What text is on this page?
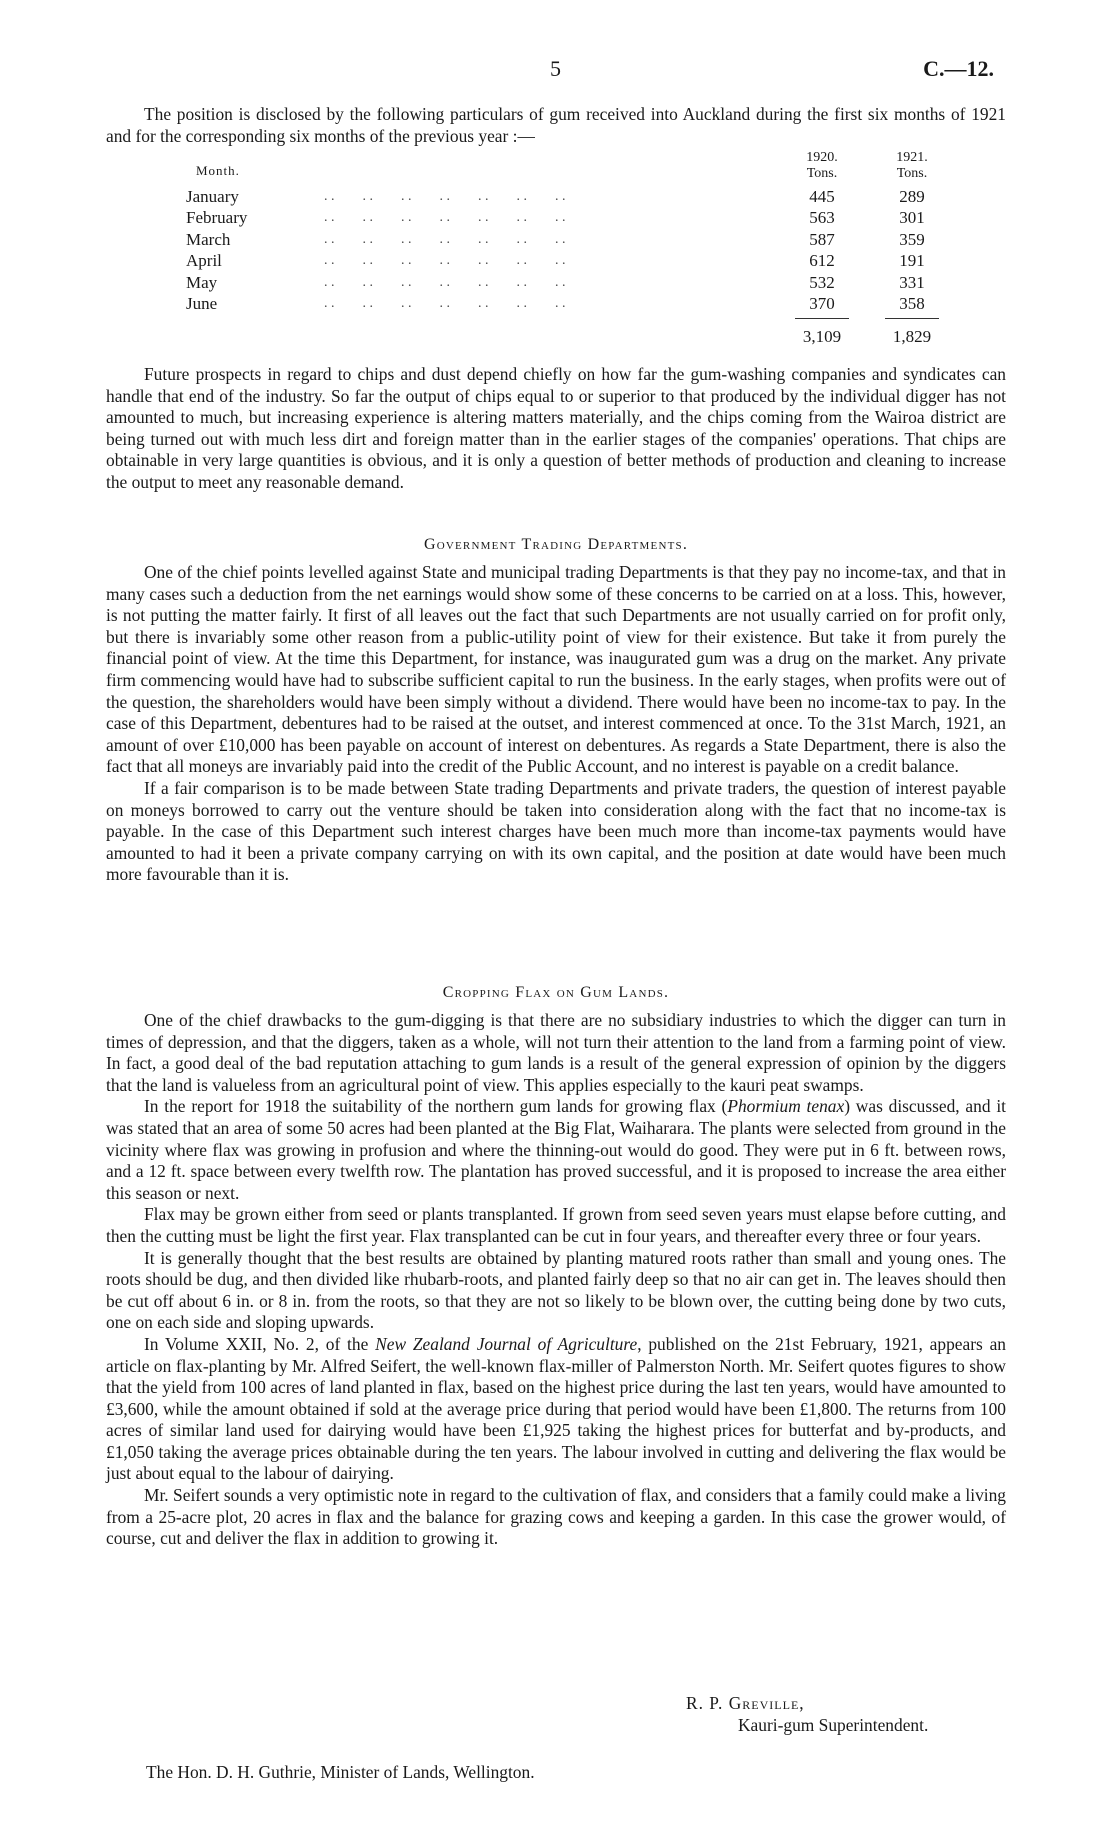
5	C.—12.

The position is disclosed by the following particulars of gum received into Auckland during the first six months of 1921 and for the corresponding six months of the previous year :—

Month.
1920.
Tons.
1921.
Tons.
January	. .        . .        . .        . .        . .        . .        . .	445	289
February	. .        . .        . .        . .        . .        . .        . .	563	301
March	. .        . .        . .        . .        . .        . .        . .	587	359
April	. .        . .        . .        . .        . .        . .        . .	612	191
May	. .        . .        . .        . .        . .        . .        . .	532	331
June	. .        . .        . .        . .        . .        . .        . .	370	358
3,109	1,829

Future prospects in regard to chips and dust depend chiefly on how far the gum-washing companies and syndicates can handle that end of the industry. So far the output of chips equal to or superior to that produced by the individual digger has not amounted to much, but increasing experience is altering matters materially, and the chips coming from the Wairoa district are being turned out with much less dirt and foreign matter than in the earlier stages of the companies' operations. That chips are obtainable in very large quantities is obvious, and it is only a question of better methods of production and cleaning to increase the output to meet any reasonable demand.

Government Trading Departments.

One of the chief points levelled against State and municipal trading Departments is that they pay no income-tax, and that in many cases such a deduction from the net earnings would show some of these concerns to be carried on at a loss. This, however, is not putting the matter fairly. It first of all leaves out the fact that such Departments are not usually carried on for profit only, but there is invariably some other reason from a public-utility point of view for their existence. But take it from purely the financial point of view. At the time this Department, for instance, was inaugurated gum was a drug on the market. Any private firm commencing would have had to subscribe sufficient capital to run the business. In the early stages, when profits were out of the question, the shareholders would have been simply without a dividend. There would have been no income-tax to pay. In the case of this Department, debentures had to be raised at the outset, and interest commenced at once. To the 31st March, 1921, an amount of over £10,000 has been payable on account of interest on debentures. As regards a State Department, there is also the fact that all moneys are invariably paid into the credit of the Public Account, and no interest is payable on a credit balance.

If a fair comparison is to be made between State trading Departments and private traders, the question of interest payable on moneys borrowed to carry out the venture should be taken into consideration along with the fact that no income-tax is payable. In the case of this Department such interest charges have been much more than income-tax payments would have amounted to had it been a private company carrying on with its own capital, and the position at date would have been much more favourable than it is.

Cropping Flax on Gum Lands.

One of the chief drawbacks to the gum-digging is that there are no subsidiary industries to which the digger can turn in times of depression, and that the diggers, taken as a whole, will not turn their attention to the land from a farming point of view. In fact, a good deal of the bad reputation attaching to gum lands is a result of the general expression of opinion by the diggers that the land is valueless from an agricultural point of view. This applies especially to the kauri peat swamps.

In the report for 1918 the suitability of the northern gum lands for growing flax (Phormium tenax) was discussed, and it was stated that an area of some 50 acres had been planted at the Big Flat, Waiharara. The plants were selected from ground in the vicinity where flax was growing in profusion and where the thinning-out would do good. They were put in 6 ft. between rows, and a 12 ft. space between every twelfth row. The plantation has proved successful, and it is proposed to increase the area either this season or next.

Flax may be grown either from seed or plants transplanted. If grown from seed seven years must elapse before cutting, and then the cutting must be light the first year. Flax transplanted can be cut in four years, and thereafter every three or four years.

It is generally thought that the best results are obtained by planting matured roots rather than small and young ones. The roots should be dug, and then divided like rhubarb-roots, and planted fairly deep so that no air can get in. The leaves should then be cut off about 6 in. or 8 in. from the roots, so that they are not so likely to be blown over, the cutting being done by two cuts, one on each side and sloping upwards.

In Volume XXII, No. 2, of the New Zealand Journal of Agriculture, published on the 21st February, 1921, appears an article on flax-planting by Mr. Alfred Seifert, the well-known flax-miller of Palmerston North. Mr. Seifert quotes figures to show that the yield from 100 acres of land planted in flax, based on the highest price during the last ten years, would have amounted to £3,600, while the amount obtained if sold at the average price during that period would have been £1,800. The returns from 100 acres of similar land used for dairying would have been £1,925 taking the highest prices for butterfat and by-products, and £1,050 taking the average prices obtainable during the ten years. The labour involved in cutting and delivering the flax would be just about equal to the labour of dairying.

Mr. Seifert sounds a very optimistic note in regard to the cultivation of flax, and considers that a family could make a living from a 25-acre plot, 20 acres in flax and the balance for grazing cows and keeping a garden. In this case the grower would, of course, cut and deliver the flax in addition to growing it.

R. P. Greville,
Kauri-gum Superintendent.
The Hon. D. H. Guthrie, Minister of Lands, Wellington.
